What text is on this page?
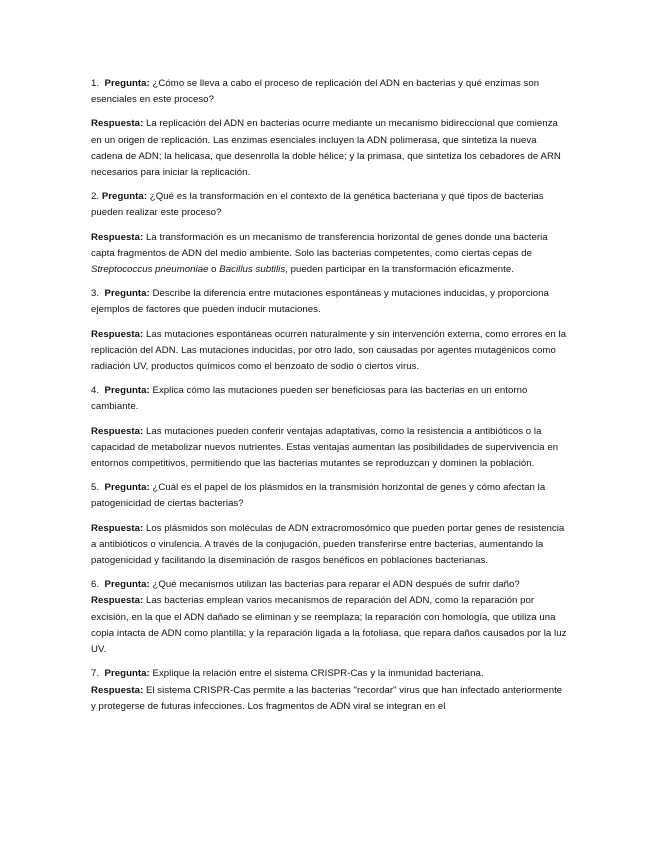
1. Pregunta: ¿Cómo se lleva a cabo el proceso de replicación del ADN en bacterias y qué enzimas son esenciales en este proceso?
Respuesta: La replicación del ADN en bacterias ocurre mediante un mecanismo bidireccional que comienza en un origen de replicación. Las enzimas esenciales incluyen la ADN polimerasa, que sintetiza la nueva cadena de ADN; la helicasa, que desenrolla la doble hélice; y la primasa, que sintetiza los cebadores de ARN necesarios para iniciar la replicación.
2. Pregunta: ¿Qué es la transformación en el contexto de la genética bacteriana y qué tipos de bacterias pueden realizar este proceso?
Respuesta: La transformación es un mecanismo de transferencia horizontal de genes donde una bacteria capta fragmentos de ADN del medio ambiente. Solo las bacterias competentes, como ciertas cepas de Streptococcus pneumoniae o Bacillus subtilis, pueden participar en la transformación eficazmente.
3. Pregunta: Describe la diferencia entre mutaciones espontáneas y mutaciones inducidas, y proporciona ejemplos de factores que pueden inducir mutaciones.
Respuesta: Las mutaciones espontáneas ocurren naturalmente y sin intervención externa, como errores en la replicación del ADN. Las mutaciones inducidas, por otro lado, son causadas por agentes mutagénicos como radiación UV, productos químicos como el benzoato de sodio o ciertos virus.
4. Pregunta: Explica cómo las mutaciones pueden ser beneficiosas para las bacterias en un entorno cambiante.
Respuesta: Las mutaciones pueden conferir ventajas adaptativas, como la resistencia a antibióticos o la capacidad de metabolizar nuevos nutrientes. Estas ventajas aumentan las posibilidades de supervivencia en entornos competitivos, permitiendo que las bacterias mutantes se reproduzcan y dominen la población.
5. Pregunta: ¿Cuál es el papel de los plásmidos en la transmisión horizontal de genes y cómo afectan la patogenicidad de ciertas bacterias?
Respuesta: Los plásmidos son moléculas de ADN extracromosómico que pueden portar genes de resistencia a antibióticos o virulencia. A través de la conjugación, pueden transferirse entre bacterias, aumentando la patogenicidad y facilitando la diseminación de rasgos benéficos en poblaciones bacterianas.
6. Pregunta: ¿Qué mecanismos utilizan las bacterias para reparar el ADN después de sufrir daño?
Respuesta: Las bacterias emplean varios mecanismos de reparación del ADN, como la reparación por excisión, en la que el ADN dañado se eliminan y se reemplaza; la reparación con homología, que utiliza una copia intacta de ADN como plantilla; y la reparación ligada a la fotoliasa, que repara daños causados por la luz UV.
7. Pregunta: Explique la relación entre el sistema CRISPR-Cas y la inmunidad bacteriana.
Respuesta: El sistema CRISPR-Cas permite a las bacterias "recordar" virus que han infectado anteriormente y protegerse de futuras infecciones. Los fragmentos de ADN viral se integran en el
